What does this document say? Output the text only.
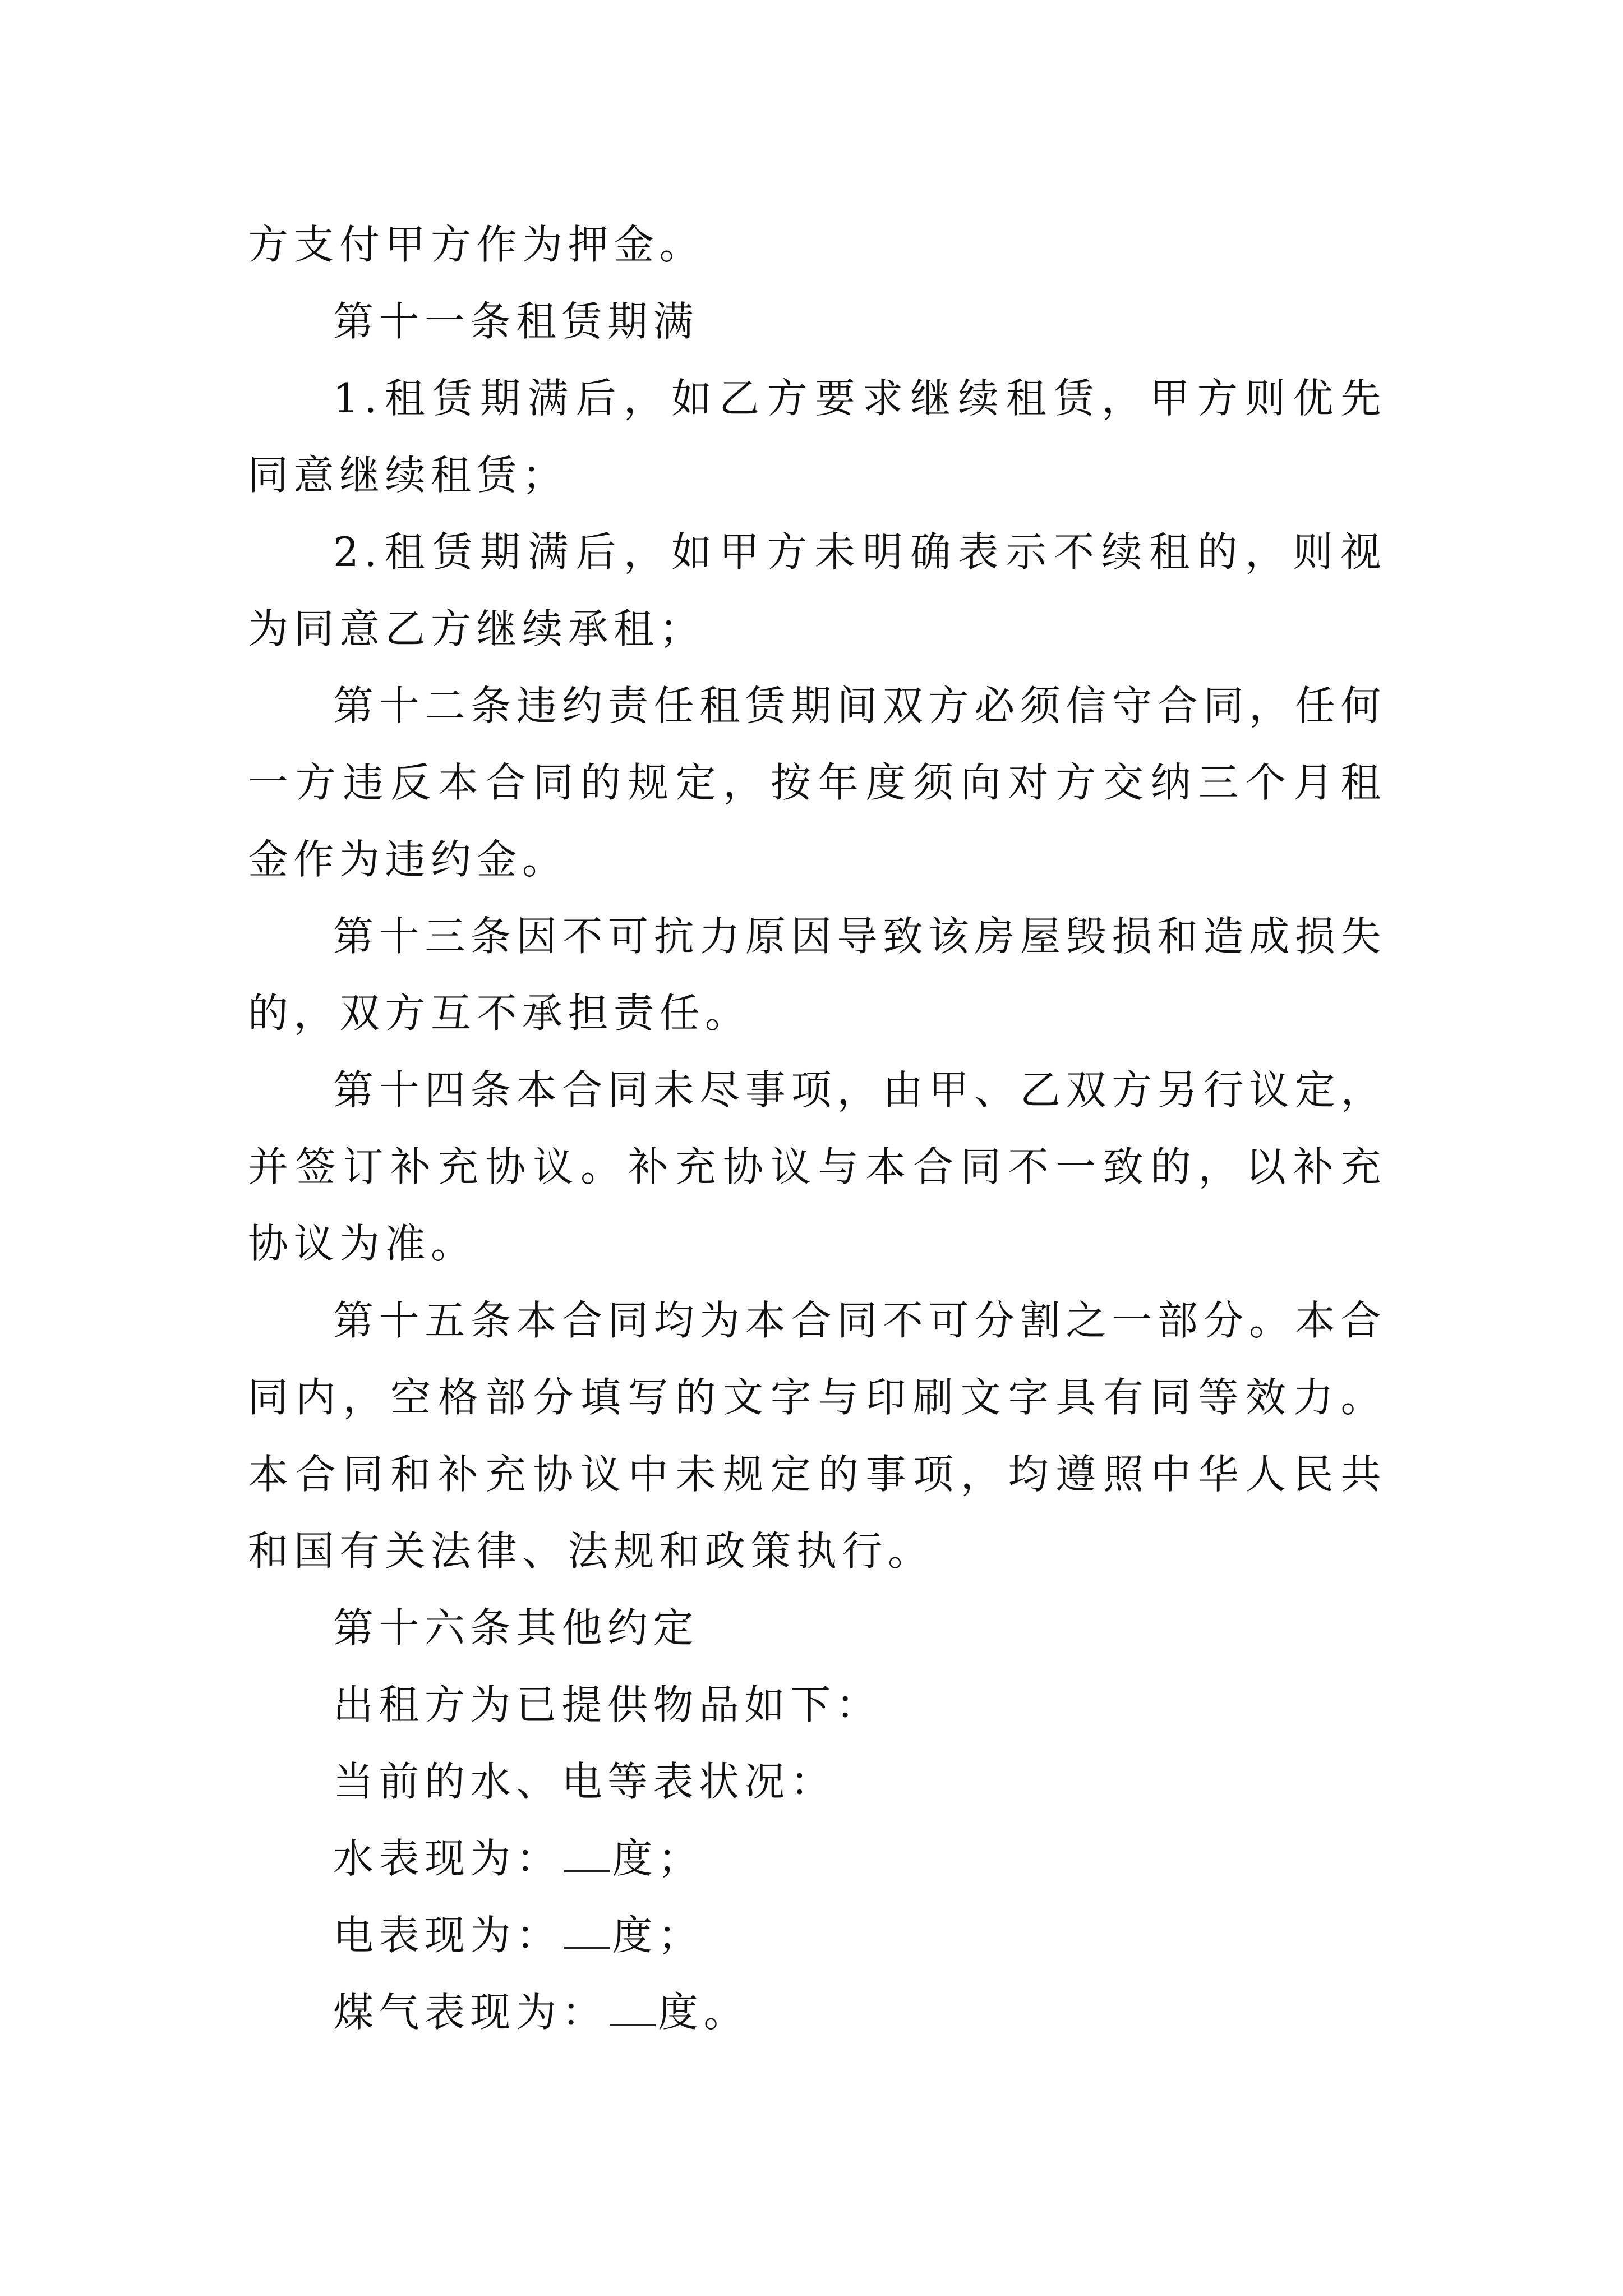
方支付甲方作为押金。

第十一条租赁期满

1.租赁期满后，如乙方要求继续租赁，甲方则优先同意继续租赁；

2.租赁期满后，如甲方未明确表示不续租的，则视为同意乙方继续承租；

第十二条违约责任租赁期间双方必须信守合同，任何一方违反本合同的规定，按年度须向对方交纳三个月租金作为违约金。

第十三条因不可抗力原因导致该房屋毁损和造成损失的，双方互不承担责任。

第十四条本合同未尽事项，由甲、乙双方另行议定，并签订补充协议。补充协议与本合同不一致的，以补充协议为准。

第十五条本合同均为本合同不可分割之一部分。本合同内，空格部分填写的文字与印刷文字具有同等效力。本合同和补充协议中未规定的事项，均遵照中华人民共和国有关法律、法规和政策执行。

第十六条其他约定

出租方为已提供物品如下：

当前的水、电等表状况：

水表现为： 度；

电表现为： 度；

煤气表现为： 度。
